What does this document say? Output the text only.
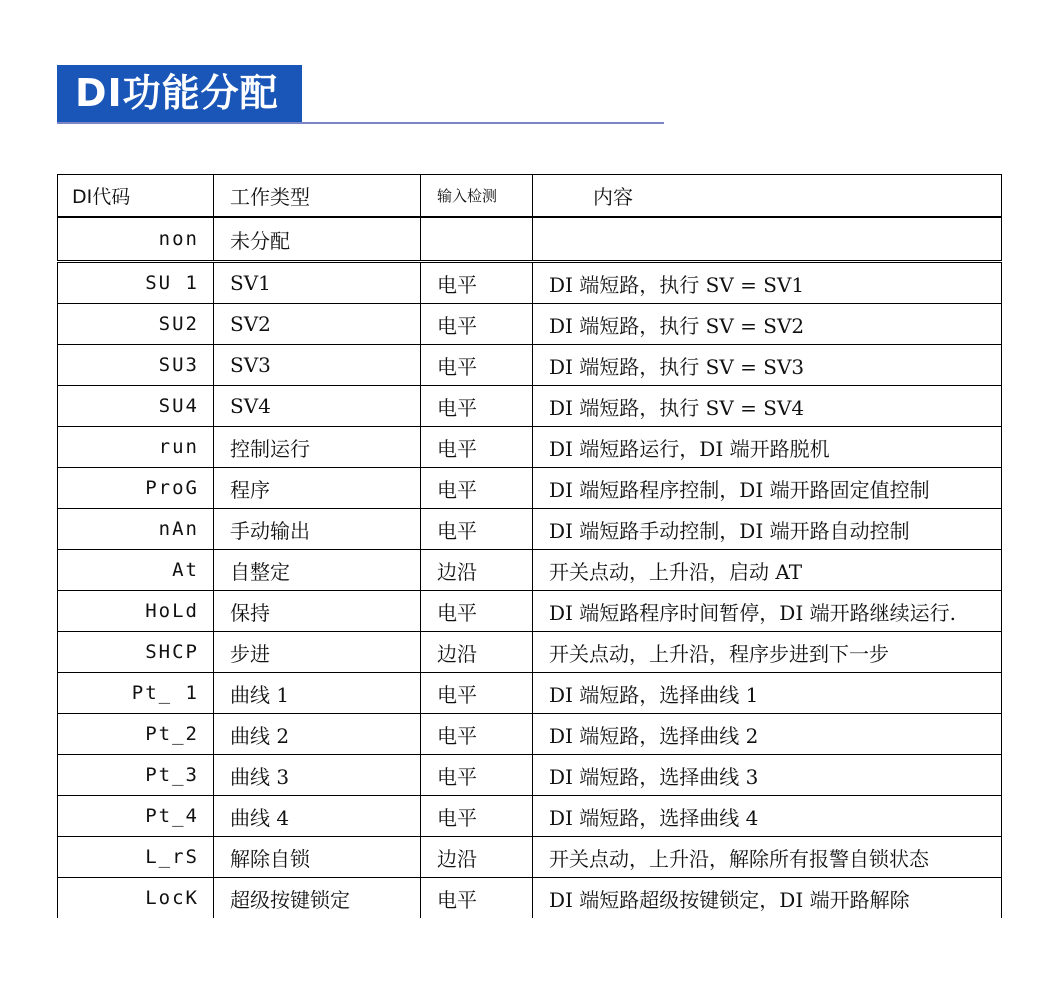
DI功能分配
DI代码	工作类型	输入检测	内容
non	未分配		
SU 1	SV1	电平	DI 端短路，执行 SV = SV1
SU2	SV2	电平	DI 端短路，执行 SV = SV2
SU3	SV3	电平	DI 端短路，执行 SV = SV3
SU4	SV4	电平	DI 端短路，执行 SV = SV4
run	控制运行	电平	DI 端短路运行，DI 端开路脱机
ProG	程序	电平	DI 端短路程序控制，DI 端开路固定值控制
nAn	手动输出	电平	DI 端短路手动控制，DI 端开路自动控制
At	自整定	边沿	开关点动，上升沿，启动 AT
HoLd	保持	电平	DI 端短路程序时间暂停，DI 端开路继续运行.
SHCP	步进	边沿	开关点动，上升沿，程序步进到下一步
Pt_ 1	曲线 1	电平	DI 端短路，选择曲线 1
Pt_2	曲线 2	电平	DI 端短路，选择曲线 2
Pt_3	曲线 3	电平	DI 端短路，选择曲线 3
Pt_4	曲线 4	电平	DI 端短路，选择曲线 4
L_rS	解除自锁	边沿	开关点动，上升沿，解除所有报警自锁状态
LocK	超级按键锁定	电平	DI 端短路超级按键锁定，DI 端开路解除
